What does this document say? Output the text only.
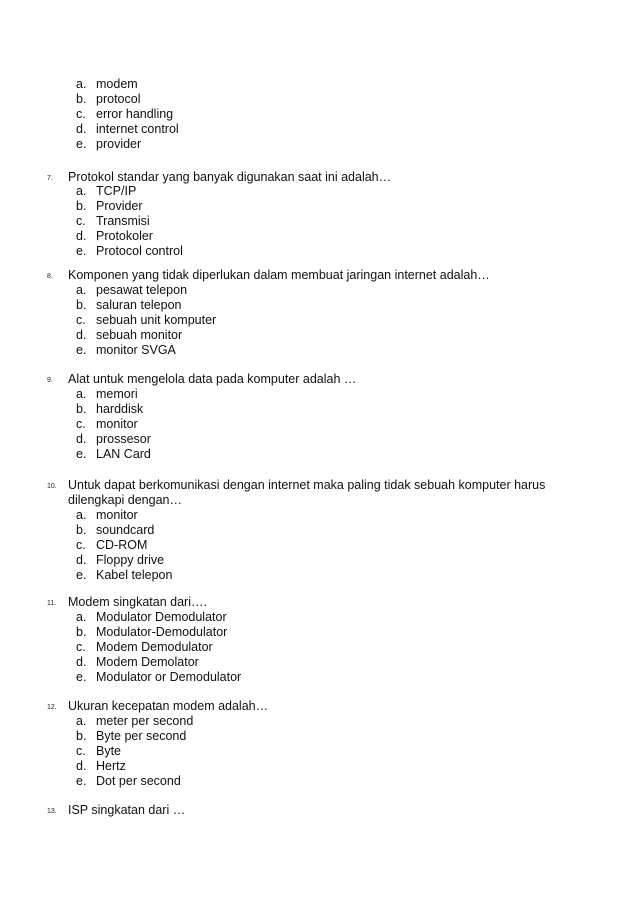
a. modem
b. protocol
c. error handling
d. internet control
e. provider
7. Protokol standar yang banyak digunakan saat ini adalah…
a. TCP/IP
b. Provider
c. Transmisi
d. Protokoler
e. Protocol control
8. Komponen yang tidak diperlukan dalam membuat jaringan internet adalah…
a. pesawat telepon
b. saluran telepon
c. sebuah unit komputer
d. sebuah monitor
e. monitor SVGA
9. Alat untuk mengelola data pada komputer adalah …
a. memori
b. harddisk
c. monitor
d. prossesor
e. LAN Card
10. Untuk dapat berkomunikasi dengan internet maka paling tidak sebuah komputer harus dilengkapi dengan…
a. monitor
b. soundcard
c. CD-ROM
d. Floppy drive
e. Kabel telepon
11. Modem singkatan dari….
a. Modulator Demodulator
b. Modulator-Demodulator
c. Modem Demodulator
d. Modem Demolator
e. Modulator or Demodulator
12. Ukuran kecepatan modem adalah…
a. meter per second
b. Byte per second
c. Byte
d. Hertz
e. Dot per second
13. ISP singkatan dari …
